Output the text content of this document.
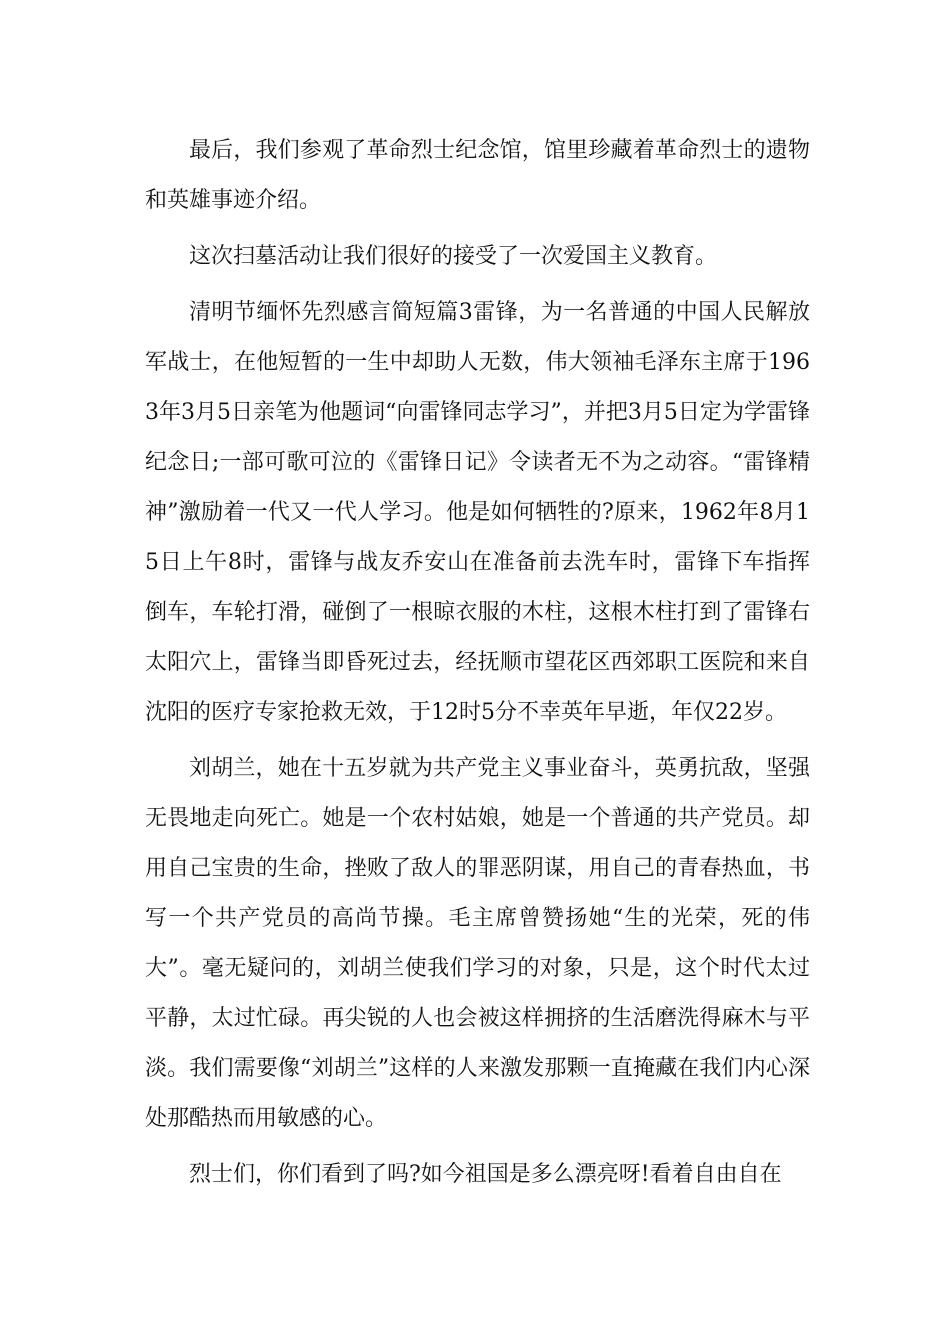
最后，我们参观了革命烈士纪念馆，馆里珍藏着革命烈士的遗物和英雄事迹介绍。

这次扫墓活动让我们很好的接受了一次爱国主义教育。

清明节缅怀先烈感言简短篇3雷锋，为一名普通的中国人民解放军战士，在他短暂的一生中却助人无数，伟大领袖毛泽东主席于1963年3月5日亲笔为他题词“向雷锋同志学习”，并把3月5日定为学雷锋纪念日;一部可歌可泣的《雷锋日记》令读者无不为之动容。“雷锋精神”激励着一代又一代人学习。他是如何牺牲的?原来，1962年8月15日上午8时，雷锋与战友乔安山在准备前去洗车时，雷锋下车指挥倒车，车轮打滑，碰倒了一根晾衣服的木柱，这根木柱打到了雷锋右太阳穴上，雷锋当即昏死过去，经抚顺市望花区西郊职工医院和来自沈阳的医疗专家抢救无效，于12时5分不幸英年早逝，年仅22岁。

刘胡兰，她在十五岁就为共产党主义事业奋斗，英勇抗敌，坚强无畏地走向死亡。她是一个农村姑娘，她是一个普通的共产党员。却用自己宝贵的生命，挫败了敌人的罪恶阴谋，用自己的青春热血，书写一个共产党员的高尚节操。毛主席曾赞扬她“生的光荣，死的伟大”。毫无疑问的，刘胡兰使我们学习的对象，只是，这个时代太过平静，太过忙碌。再尖锐的人也会被这样拥挤的生活磨洗得麻木与平淡。我们需要像“刘胡兰”这样的人来激发那颗一直掩藏在我们内心深处那酷热而用敏感的心。

烈士们，你们看到了吗?如今祖国是多么漂亮呀!看着自由自在
